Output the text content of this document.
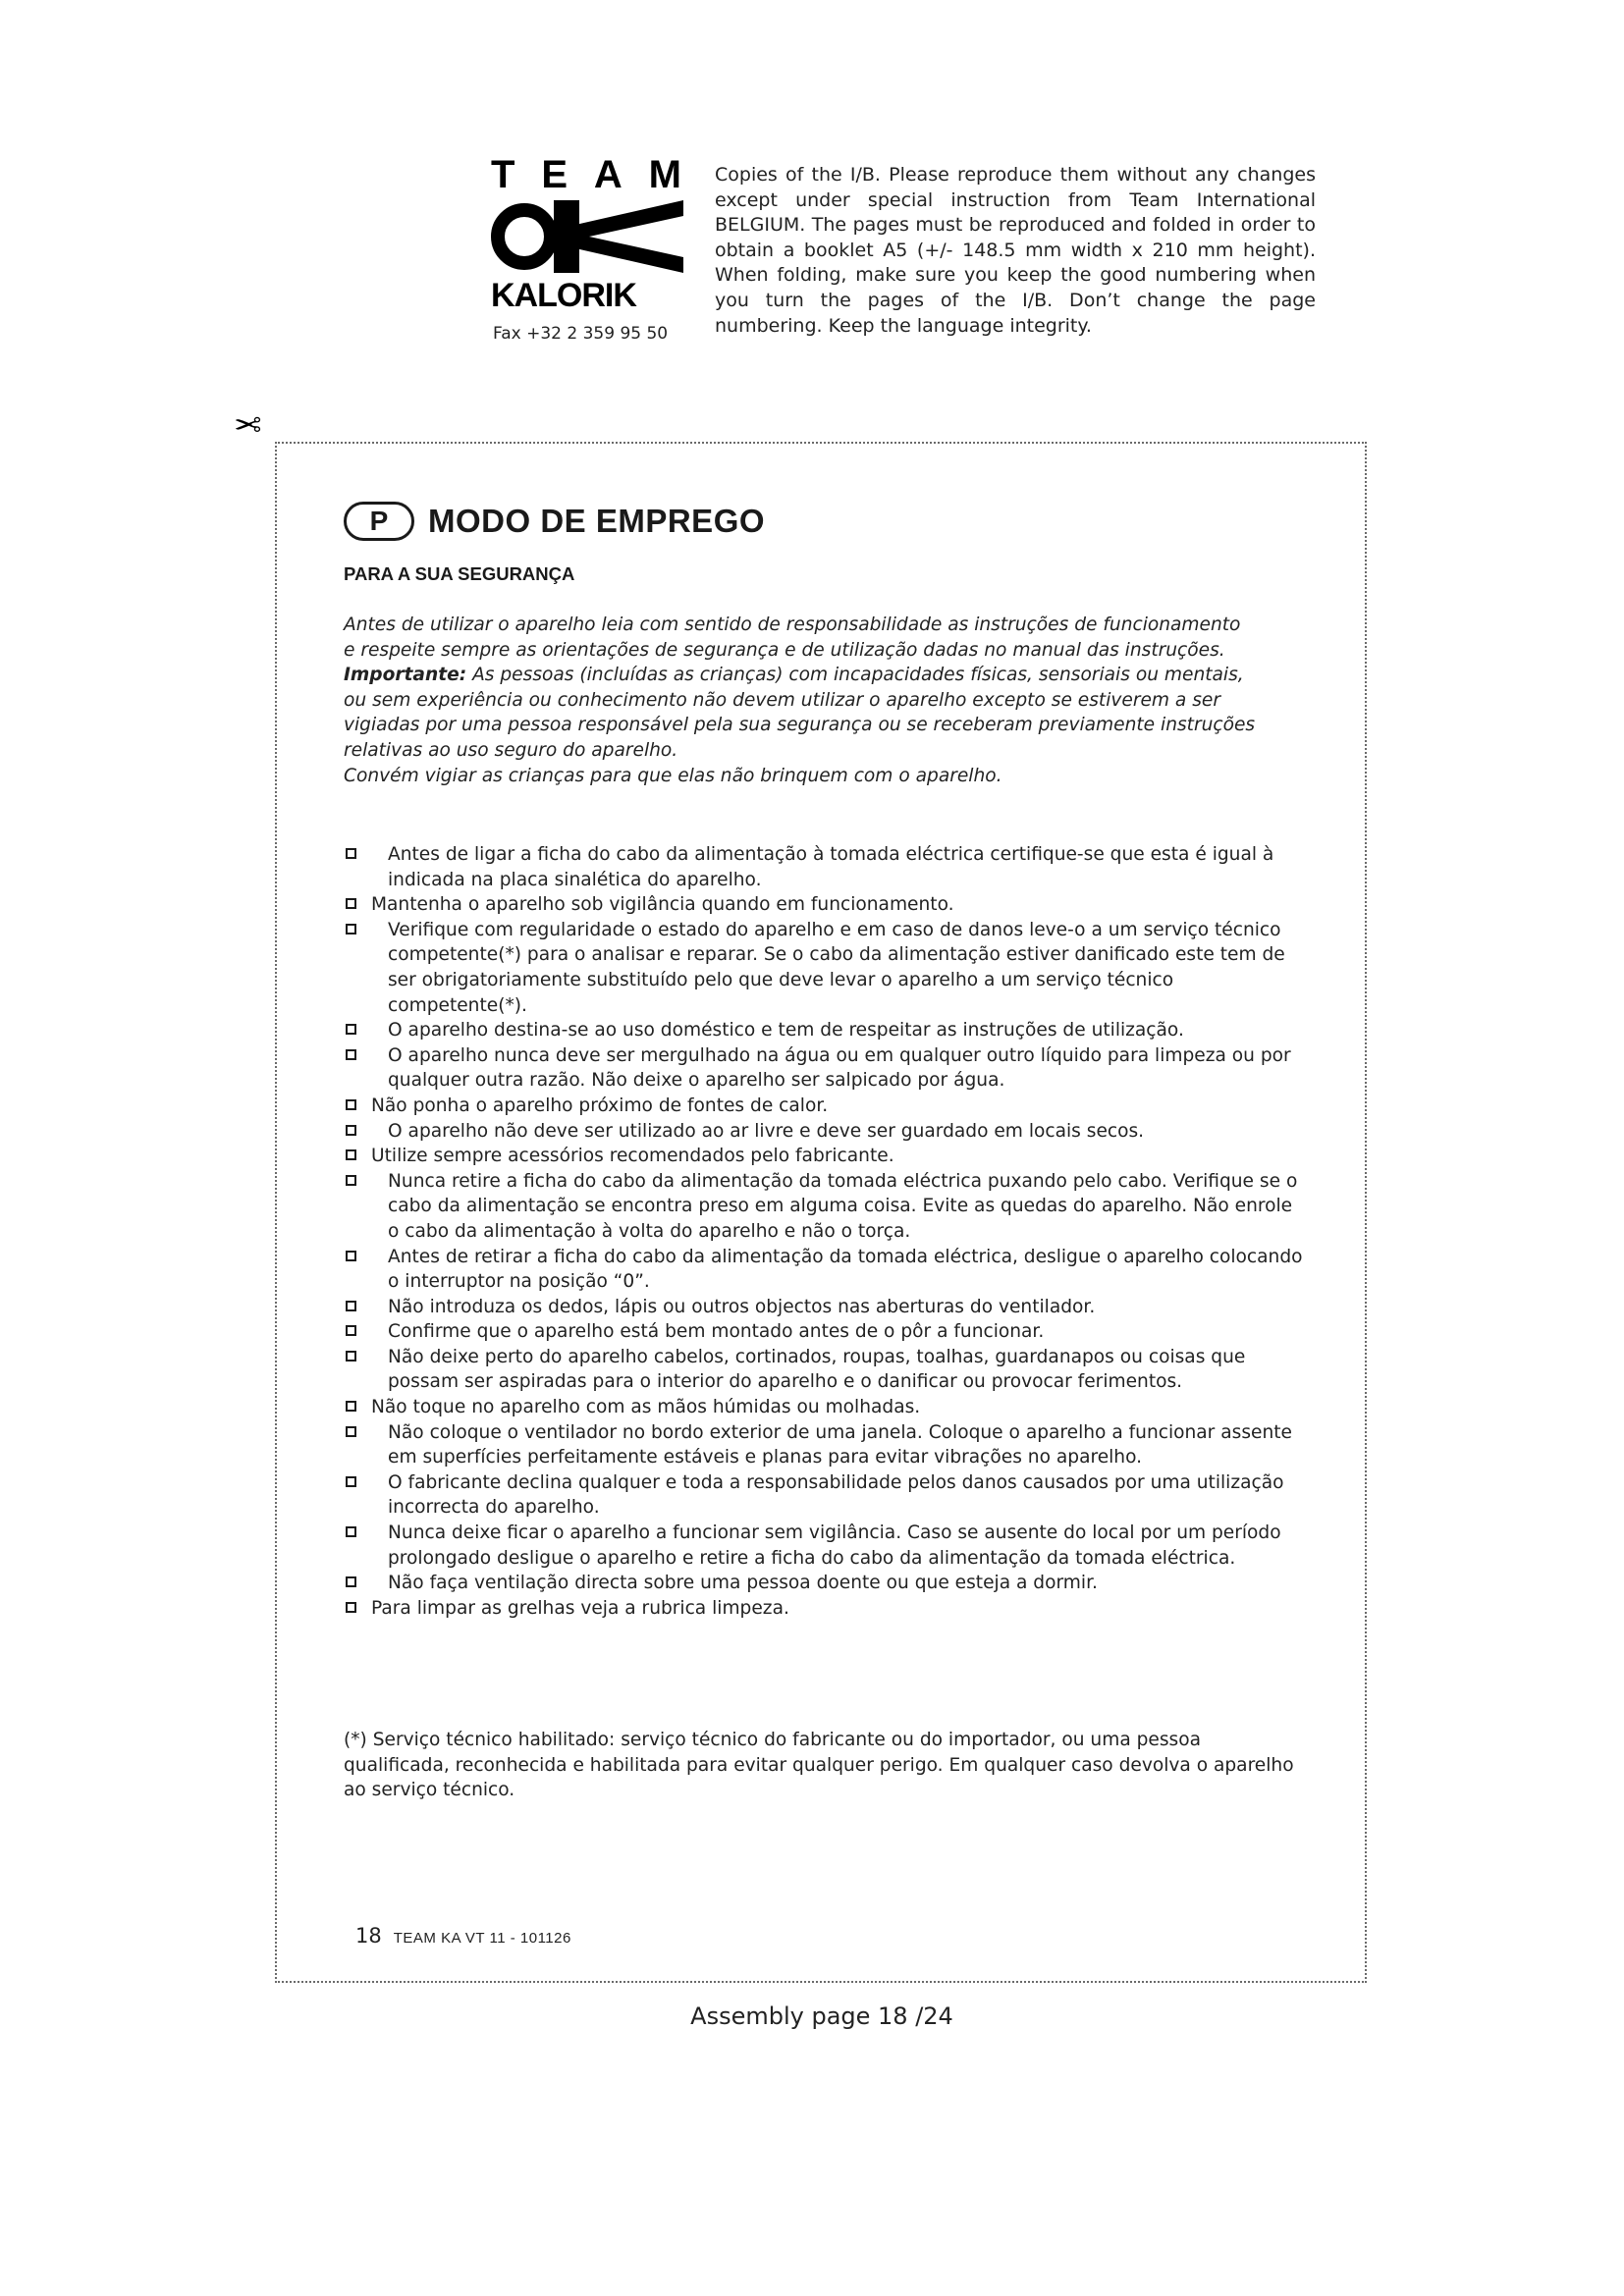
T E A M
KALORIK
Fax +32 2 359 95 50
Copies of the I/B. Please reproduce them without any changes except under special instruction from Team International BELGIUM. The pages must be reproduced and folded in order to obtain a booklet A5 (+/- 148.5 mm width x 210 mm height). When folding, make sure you keep the good numbering when you turn the pages of the I/B. Don’t change the page numbering. Keep the language integrity.
✂
P	MODO DE EMPREGO
PARA A SUA SEGURANÇA

Antes de utilizar o aparelho leia com sentido de responsabilidade as instruções de funcionamento e respeite sempre as orientações de segurança e de utilização dadas no manual das instruções.

Importante: As pessoas (incluídas as crianças) com incapacidades físicas, sensoriais ou mentais, ou sem experiência ou conhecimento não devem utilizar o aparelho excepto se estiverem a ser vigiadas por uma pessoa responsável pela sua segurança ou se receberam previamente instruções relativas ao uso seguro do aparelho.

Convém vigiar as crianças para que elas não brinquem com o aparelho.

Antes de ligar a ficha do cabo da alimentação à tomada eléctrica certifique-se que esta é igual à indicada na placa sinalética do aparelho.
Mantenha o aparelho sob vigilância quando em funcionamento.
Verifique com regularidade o estado do aparelho e em caso de danos leve-o a um serviço técnico competente(*) para o analisar e reparar. Se o cabo da alimentação estiver danificado este tem de ser obrigatoriamente substituído pelo que deve levar o aparelho a um serviço técnico competente(*).
O aparelho destina-se ao uso doméstico e tem de respeitar as instruções de utilização.
O aparelho nunca deve ser mergulhado na água ou em qualquer outro líquido para limpeza ou por qualquer outra razão. Não deixe o aparelho ser salpicado por água.
Não ponha o aparelho próximo de fontes de calor.
O aparelho não deve ser utilizado ao ar livre e deve ser guardado em locais secos.
Utilize sempre acessórios recomendados pelo fabricante.
Nunca retire a ficha do cabo da alimentação da tomada eléctrica puxando pelo cabo. Verifique se o cabo da alimentação se encontra preso em alguma coisa. Evite as quedas do aparelho. Não enrole o cabo da alimentação à volta do aparelho e não o torça.
Antes de retirar a ficha do cabo da alimentação da tomada eléctrica, desligue o aparelho colocando o interruptor na posição “0”.
Não introduza os dedos, lápis ou outros objectos nas aberturas do ventilador.
Confirme que o aparelho está bem montado antes de o pôr a funcionar.
Não deixe perto do aparelho cabelos, cortinados, roupas, toalhas, guardanapos ou coisas que possam ser aspiradas para o interior do aparelho e o danificar ou provocar ferimentos.
Não toque no aparelho com as mãos húmidas ou molhadas.
Não coloque o ventilador no bordo exterior de uma janela. Coloque o aparelho a funcionar assente em superfícies perfeitamente estáveis e planas para evitar vibrações no aparelho.
O fabricante declina qualquer e toda a responsabilidade pelos danos causados por uma utilização incorrecta do aparelho.
Nunca deixe ficar o aparelho a funcionar sem vigilância. Caso se ausente do local por um período prolongado desligue o aparelho e retire a ficha do cabo da alimentação da tomada eléctrica.
Não faça ventilação directa sobre uma pessoa doente ou que esteja a dormir.
Para limpar as grelhas veja a rubrica limpeza.

(*) Serviço técnico habilitado: serviço técnico do fabricante ou do importador, ou uma pessoa qualificada, reconhecida e habilitada para evitar qualquer perigo. Em qualquer caso devolva o aparelho ao serviço técnico.

18 TEAM KA VT 11 - 101126
Assembly page 18 /24
